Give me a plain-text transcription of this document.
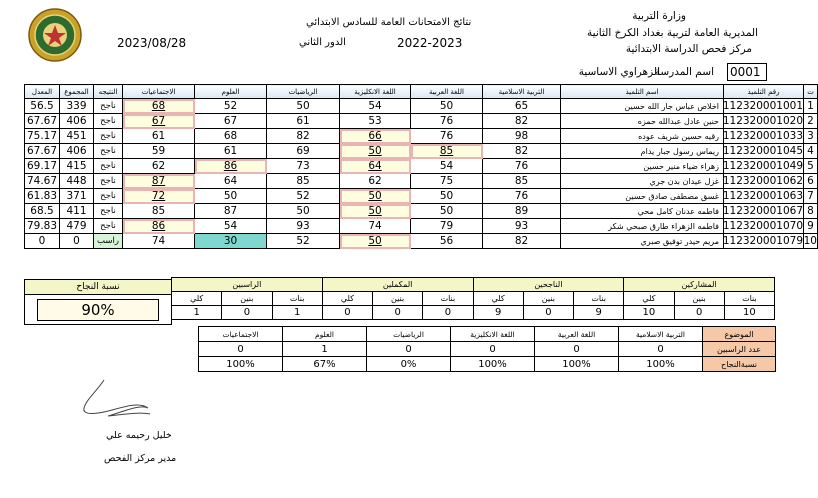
وزارة التربية
المديرية العامة لتربية بغداد الكرخ الثانية
مركز فحص الدراسة الابتدائية
نتائج الامتحانات العامة للسادس الابتدائي
الدور الثاني	2022-2023
2023/08/28
0001
اسم المدرسة
الزهراوي الاساسية
ت	رقم التلميذ	اسم التلميذ	التربية الاسلامية	اللغة العربية	اللغة الانكليزية	الرياضيات	العلوم	الاجتماعيات	النتيجه	المجموع	المعدل
1	112320001001	اخلاص عباس جار الله حسين	65	50	54	50	52	68	ناجح	339	56.5
2	112320001020	حنين عادل عبدالله حمزه	82	76	53	61	67	67	ناجح	406	67.67
3	112320001033	رقيه حسين شريف عوده	98	76	66	82	68	61	ناجح	451	75.17
4	112320001045	ريماس رسول جبار يدام	82	85	50	69	61	59	ناجح	406	67.67
5	112320001049	زهراء ضياء منير حسين	76	54	64	73	86	62	ناجح	415	69.17
6	112320001062	غزل عيدان بدن جري	85	75	62	85	64	87	ناجح	448	74.67
7	112320001063	غسق مصطفى صادق حسين	76	50	50	52	50	72	ناجح	371	61.83
8	112320001067	فاطمه عدنان كامل محي	89	50	50	50	87	85	ناجح	411	68.5
9	112320001070	فاطمه الزهراء طارق صبحي شكر	93	79	74	93	54	86	ناجح	479	79.83
10	112320001079	مريم حيدر توفيق صبري	82	56	50	52	30	74	راسب	0	0
المشاركين			الناجحين			المكملين			الراسبين		
بنات	بنين	كلي	بنات	بنين	كلي	بنات	بنين	كلي	بنات	بنين	كلي
10	0	10	9	0	9	0	0	0	1	0	1
نسبة النجاح
90%
الموضوع	التربية الاسلامية	اللغة العربية	اللغة الانكليزية	الرياضيات	العلوم	الاجتماعيات
عدد الراسبين	0	0	0	0	1	0
نسبةالنجاح	100%	100%	100%	0%	67%	100%
خليل رحيمه علي
مدير مركز الفحص
